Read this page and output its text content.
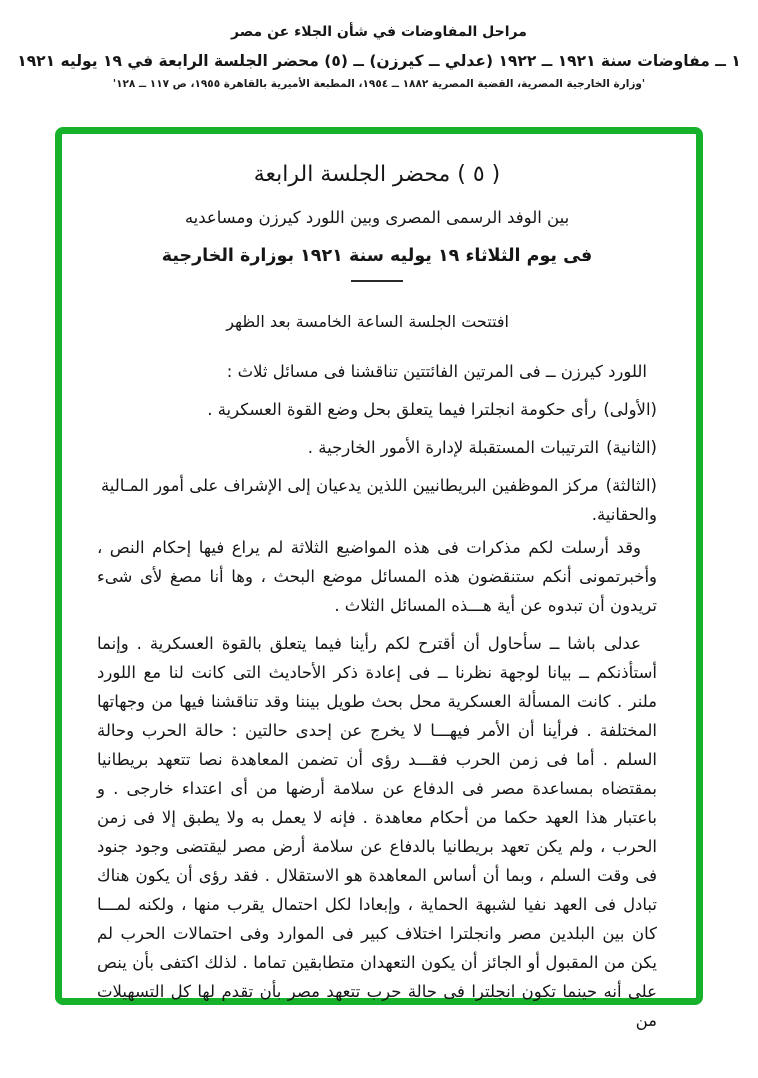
مراحل المفاوضات في شأن الجلاء عن مصر
١ ــ مفاوضات سنة ١٩٢١ ــ ١٩٢٢ (عدلي ــ كيرزن) ــ (٥) محضر الجلسة الرابعة في ١٩ يوليه ١٩٢١
'وزارة الخارجية المصرية، القضية المصرية ١٨٨٢ ــ ١٩٥٤، المطبعة الأميرية بالقاهرة ١٩٥٥، ص ١١٧ ــ ١٢٨'
( ٥ ) محضر الجلسة الرابعة
بين الوفد الرسمى المصرى وبين اللورد كيرزن ومساعديه
فى يوم الثلاثاء ١٩ يوليه سنة ١٩٢١ بوزارة الخارجية
افتتحت الجلسة الساعة الخامسة بعد الظهر
اللورد كيرزن ــ فى المرتين الفائتتين تناقشنا فى مسائل ثلاث :
(الأولى)رأى حكومة انجلترا فيما يتعلق بحل وضع القوة العسكرية .
(الثانية)الترتيبات المستقبلة لإدارة الأمور الخارجية .
(الثالثة)مركز الموظفين البريطانيين اللذين يدعيان إلى الإشراف على أمور المـالية والحقانية.
وقد أرسلت لكم مذكرات فى هذه المواضيع الثلاثة لم يراع فيها إحكام النص ، وأخبرتمونى أنكم ستنقضون هذه المسائل موضع البحث ، وها أنا مصغ لأى شىء تريدون أن تبدوه عن أية هـــذه المسائل الثلاث .
عدلى باشا ــ سأحاول أن أقترح لكم رأينا فيما يتعلق بالقوة العسكرية . وإنما أستأذنكم ــ بيانا لوجهة نظرنا ــ فى إعادة ذكر الأحاديث التى كانت لنا مع اللورد ملنر . كانت المسألة العسكرية محل بحث طويل بيننا وقد تناقشنا فيها من وجهاتها المختلفة . فرأينا أن الأمر فيهـــا لا يخرج عن إحدى حالتين : حالة الحرب وحالة السلم . أما فى زمن الحرب فقـــد رؤى أن تضمن المعاهدة نصا تتعهد بريطانيا بمقتضاه بمساعدة مصر فى الدفاع عن سلامة أرضها من أى اعتداء خارجى . و باعتبار هذا العهد حكما من أحكام معاهدة . فإنه لا يعمل به ولا يطبق إلا فى زمن الحرب ، ولم يكن تعهد بريطانيا بالدفاع عن سلامة أرض مصر ليقتضى وجود جنود فى وقت السلم ، وبما أن أساس المعاهدة هو الاستقلال . فقد رؤى أن يكون هناك تبادل فى العهد نفيا لشبهة الحماية ، وإبعادا لكل احتمال يقرب منها ، ولكنه لمـــا كان بين البلدين مصر وانجلترا اختلاف كبير فى الموارد وفى احتمالات الحرب لم يكن من المقبول أو الجائز أن يكون التعهدان متطابقين تماما . لذلك اكتفى بأن ينص على أنه حينما تكون انجلترا فى حالة حرب تتعهد مصر بأن تقدم لها كل التسهيلات من
